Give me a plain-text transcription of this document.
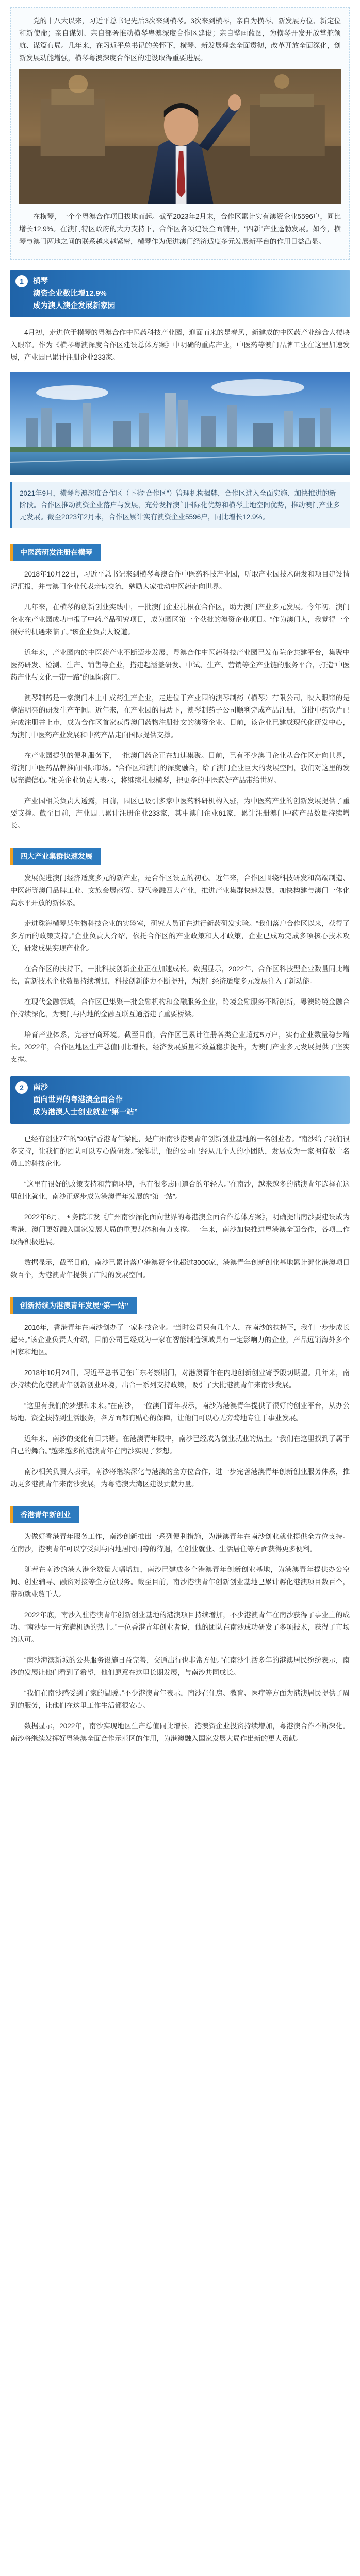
党的十八大以来，习近平总书记先后3次来到横琴。3次来到横琴，亲自为横琴、新发展方位、新定位和新使命；亲自谋划、亲自部署推动横琴粤澳深度合作区建设；亲自擘画蓝图，为横琴开发开放掌舵领航、谋篇布局。几年来，在习近平总书记的关怀下，横琴、新发展理念全面贯彻，改革开放全面深化，创新发展动能增强，横琴粤澳深度合作区的建设取得重要进展。

在横琴，一个个粤澳合作项目拔地而起。截至2023年2月末，合作区累计实有澳资企业5596户，同比增长12.9%。在澳门特区政府的大力支持下，合作区各项建设全面铺开，“四新”产业蓬勃发展。如今，横琴与澳门两地之间的联系越来越紧密，横琴作为促进澳门经济适度多元发展新平台的作用日益凸显。

1	横琴
澳资企业数比增12.9%
成为澳人澳企发展新家园

4月初，走进位于横琴的粤澳合作中医药科技产业园，迎面而来的是春风，新建成的中医药产业综合大楼映入眼帘。作为《横琴粤澳深度合作区建设总体方案》中明确的重点产业，中医药等澳门品牌工业在这里加速发展，产业园已累计注册企业233家。

2021年9月，横琴粤澳深度合作区（下称“合作区”）管理机构揭牌，合作区进入全面实施、加快推进的新阶段。合作区推动澳资企业落户与发展，充分发挥澳门国际化优势和横琴土地空间优势，推动澳门产业多元发展。截至2023年2月末，合作区累计实有澳资企业5596户，同比增长12.9%。
中医药研发注册在横琴

2018年10月22日，习近平总书记来到横琴粤澳合作中医药科技产业园，听取产业园技术研发和项目建设情况汇报，并与澳门企业代表亲切交流，勉励大家推动中医药走向世界。

几年来，在横琴的创新创业实践中，一批澳门企业扎根在合作区，助力澳门产业多元发展。今年初，澳门企业在产业园成功申报了中药产品研究项目，成为园区第一个获批的澳资企业项目。“作为澳门人，我觉得一个很好的机遇来临了。”该企业负责人说道。

近年来，产业园内的中医药产业不断迈步发展，粤澳合作中医药科技产业园已发布院企共建平台，集聚中医药研发、检测、生产、销售等企业，搭建起涵盖研发、中试、生产、营销等全产业链的服务平台，打造“中医药产业与文化一带一路”的国际窗口。

澳琴制药是一家澳门本土中成药生产企业，走进位于产业园的澳琴制药（横琴）有限公司，映入眼帘的是整洁明亮的研发生产车间。近年来，在产业园的帮助下，澳琴制药子公司顺利完成产品注册，首批中药饮片已完成注册并上市，成为合作区首家获得澳门药物注册批文的澳资企业。目前，该企业已建成现代化研发中心，为澳门中医药产业发展和中药产品走向国际提供支撑。

在产业园提供的便利服务下，一批澳门药企正在加速集聚。目前，已有不少澳门企业从合作区走向世界，将澳门中医药品牌推向国际市场。“合作区和澳门的深度融合，给了澳门企业巨大的发展空间，我们对这里的发展充满信心。”相关企业负责人表示，将继续扎根横琴，把更多的中医药好产品带给世界。

产业园相关负责人透露，目前，园区已吸引多家中医药科研机构入驻，为中医药产业的创新发展提供了重要支撑。截至目前，产业园已累计注册企业233家，其中澳门企业61家，累计注册澳门中药产品数量持续增长。

四大产业集群快速发展

发展促进澳门经济适度多元的新产业，是合作区设立的初心。近年来，合作区围绕科技研发和高端制造、中医药等澳门品牌工业、文旅会展商贸、现代金融四大产业，推进产业集群快速发展，加快构建与澳门一体化高水平开放的新体系。

走进珠海横琴某生物科技企业的实验室，研究人员正在进行新药研发实验。“我们落户合作区以来，获得了多方面的政策支持。”企业负责人介绍，依托合作区的产业政策和人才政策，企业已成功完成多项核心技术攻关，研发成果实现产业化。

在合作区的扶持下，一批科技创新企业正在加速成长。数据显示，2022年，合作区科技型企业数量同比增长，高新技术企业数量持续增加，科技创新能力不断提升，为澳门经济适度多元发展注入了新动能。

在现代金融领域，合作区已集聚一批金融机构和金融服务企业，跨境金融服务不断创新，粤澳跨境金融合作持续深化，为澳门与内地的金融互联互通搭建了重要桥梁。

培育产业体系，完善营商环境。截至目前，合作区已累计注册各类企业超过5万户，实有企业数量稳步增长。2022年，合作区地区生产总值同比增长，经济发展质量和效益稳步提升，为澳门产业多元发展提供了坚实支撑。

2	南沙
面向世界的粤港澳全面合作
成为港澳人士创业就业“第一站”

已经有创业7年的“90后”香港青年梁健，是广州南沙港澳青年创新创业基地的一名创业者。“南沙给了我们很多支持，让我们的团队可以专心做研发。”梁健说，他的公司已经从几个人的小团队，发展成为一家拥有数十名员工的科技企业。

“这里有很好的政策支持和营商环境，也有很多志同道合的年轻人。”在南沙，越来越多的港澳青年选择在这里创业就业，南沙正逐步成为港澳青年发展的“第一站”。

2022年6月，国务院印发《广州南沙深化面向世界的粤港澳全面合作总体方案》，明确提出南沙要建设成为香港、澳门更好融入国家发展大局的重要载体和有力支撑。一年来，南沙加快推进粤港澳全面合作，各项工作取得积极进展。

数据显示，截至目前，南沙已累计落户港澳资企业超过3000家，港澳青年创新创业基地累计孵化港澳项目数百个，为港澳青年提供了广阔的发展空间。

创新持续为港澳青年发展“第一站”

2016年，香港青年在南沙创办了一家科技企业。“当时公司只有几个人，在南沙的扶持下，我们一步步成长起来。”该企业负责人介绍，目前公司已经成为一家在智能制造领域具有一定影响力的企业，产品远销海外多个国家和地区。

2018年10月24日，习近平总书记在广东考察期间，对港澳青年在内地创新创业寄予殷切期望。几年来，南沙持续优化港澳青年创新创业环境，出台一系列支持政策，吸引了大批港澳青年来南沙发展。

“这里有我们的梦想和未来。”在南沙，一位澳门青年表示，南沙为港澳青年提供了很好的创业平台，从办公场地、资金扶持到生活服务，各方面都有贴心的保障，让他们可以心无旁骛地专注于事业发展。

近年来，南沙的变化有目共睹。在港澳青年眼中，南沙已经成为创业就业的热土。“我们在这里找到了属于自己的舞台。”越来越多的港澳青年在南沙实现了梦想。

南沙相关负责人表示，南沙将继续深化与港澳的全方位合作，进一步完善港澳青年创新创业服务体系，推动更多港澳青年来南沙发展，为粤港澳大湾区建设贡献力量。

香港青年新创业

为做好香港青年服务工作，南沙创新推出一系列便利措施，为港澳青年在南沙创业就业提供全方位支持。在南沙，港澳青年可以享受到与内地居民同等的待遇，在创业就业、生活居住等方面获得更多便利。

随着在南沙的港人港企数量大幅增加，南沙已建成多个港澳青年创新创业基地，为港澳青年提供办公空间、创业辅导、融资对接等全方位服务。截至目前，南沙港澳青年创新创业基地已累计孵化港澳项目数百个，带动就业数千人。

2022年底，南沙入驻港澳青年创新创业基地的港澳项目持续增加，不少港澳青年在南沙获得了事业上的成功。“南沙是一片充满机遇的热土。”一位香港青年创业者说，他的团队在南沙成功研发了多项技术，获得了市场的认可。

“南沙海滨新城的公共服务设施日益完善，交通出行也非常方便。”在南沙生活多年的港澳居民纷纷表示，南沙的发展让他们看到了希望，他们愿意在这里长期发展，与南沙共同成长。

“我们在南沙感受到了家的温暖。”不少港澳青年表示，南沙在住房、教育、医疗等方面为港澳居民提供了周到的服务，让他们在这里工作生活都很安心。

数据显示，2022年，南沙实现地区生产总值同比增长，港澳资企业投资持续增加，粤港澳合作不断深化。南沙将继续发挥好粤港澳全面合作示范区的作用，为港澳融入国家发展大局作出新的更大贡献。
